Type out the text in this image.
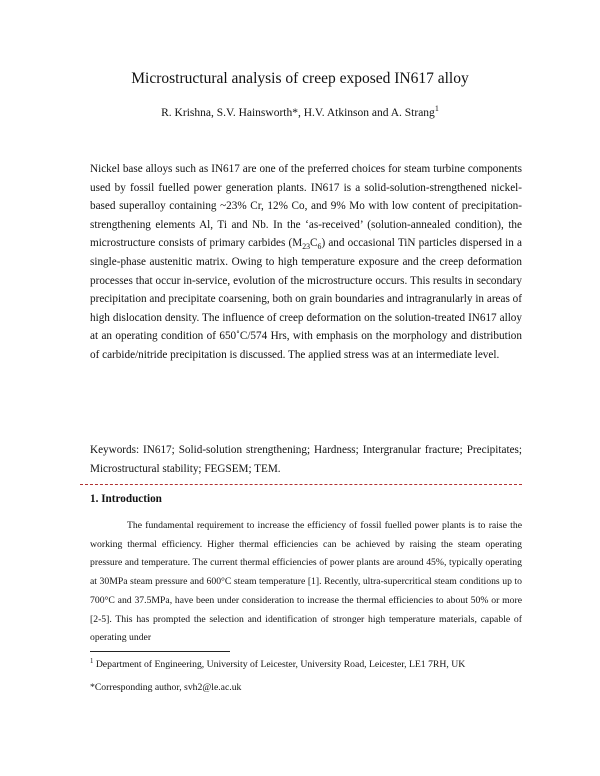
Microstructural analysis of creep exposed IN617 alloy
R. Krishna, S.V. Hainsworth*, H.V. Atkinson and A. Strang$^1$
Nickel base alloys such as IN617 are one of the preferred choices for steam turbine components used by fossil fuelled power generation plants. IN617 is a solid-solution-strengthened nickel-based superalloy containing ~23% Cr, 12% Co, and 9% Mo with low content of precipitation-strengthening elements Al, Ti and Nb. In the ‘as-received’ (solution-annealed condition), the microstructure consists of primary carbides $(M_{23}C_6)$ and occasional TiN particles dispersed in a single-phase austenitic matrix. Owing to high temperature exposure and the creep deformation processes that occur in-service, evolution of the microstructure occurs. This results in secondary precipitation and precipitate coarsening, both on grain boundaries and intragranularly in areas of high dislocation density. The influence of creep deformation on the solution-treated IN617 alloy at an operating condition of 650˚C/574 Hrs, with emphasis on the morphology and distribution of carbide/nitride precipitation is discussed. The applied stress was at an intermediate level.
Keywords: IN617; Solid-solution strengthening; Hardness; Intergranular fracture; Precipitates; Microstructural stability; FEGSEM; TEM.
1. Introduction
The fundamental requirement to increase the efficiency of fossil fuelled power plants is to raise the working thermal efficiency. Higher thermal efficiencies can be achieved by raising the steam operating pressure and temperature. The current thermal efficiencies of power plants are around 45%, typically operating at 30MPa steam pressure and 600°C steam temperature [1]. Recently, ultra-supercritical steam conditions up to 700°C and 37.5MPa, have been under consideration to increase the thermal efficiencies to about 50% or more [2-5]. This has prompted the selection and identification of stronger high temperature materials, capable of operating under
$^1$ Department of Engineering, University of Leicester, University Road, Leicester, LE1 7RH, UK
*Corresponding author, svh2@le.ac.uk
